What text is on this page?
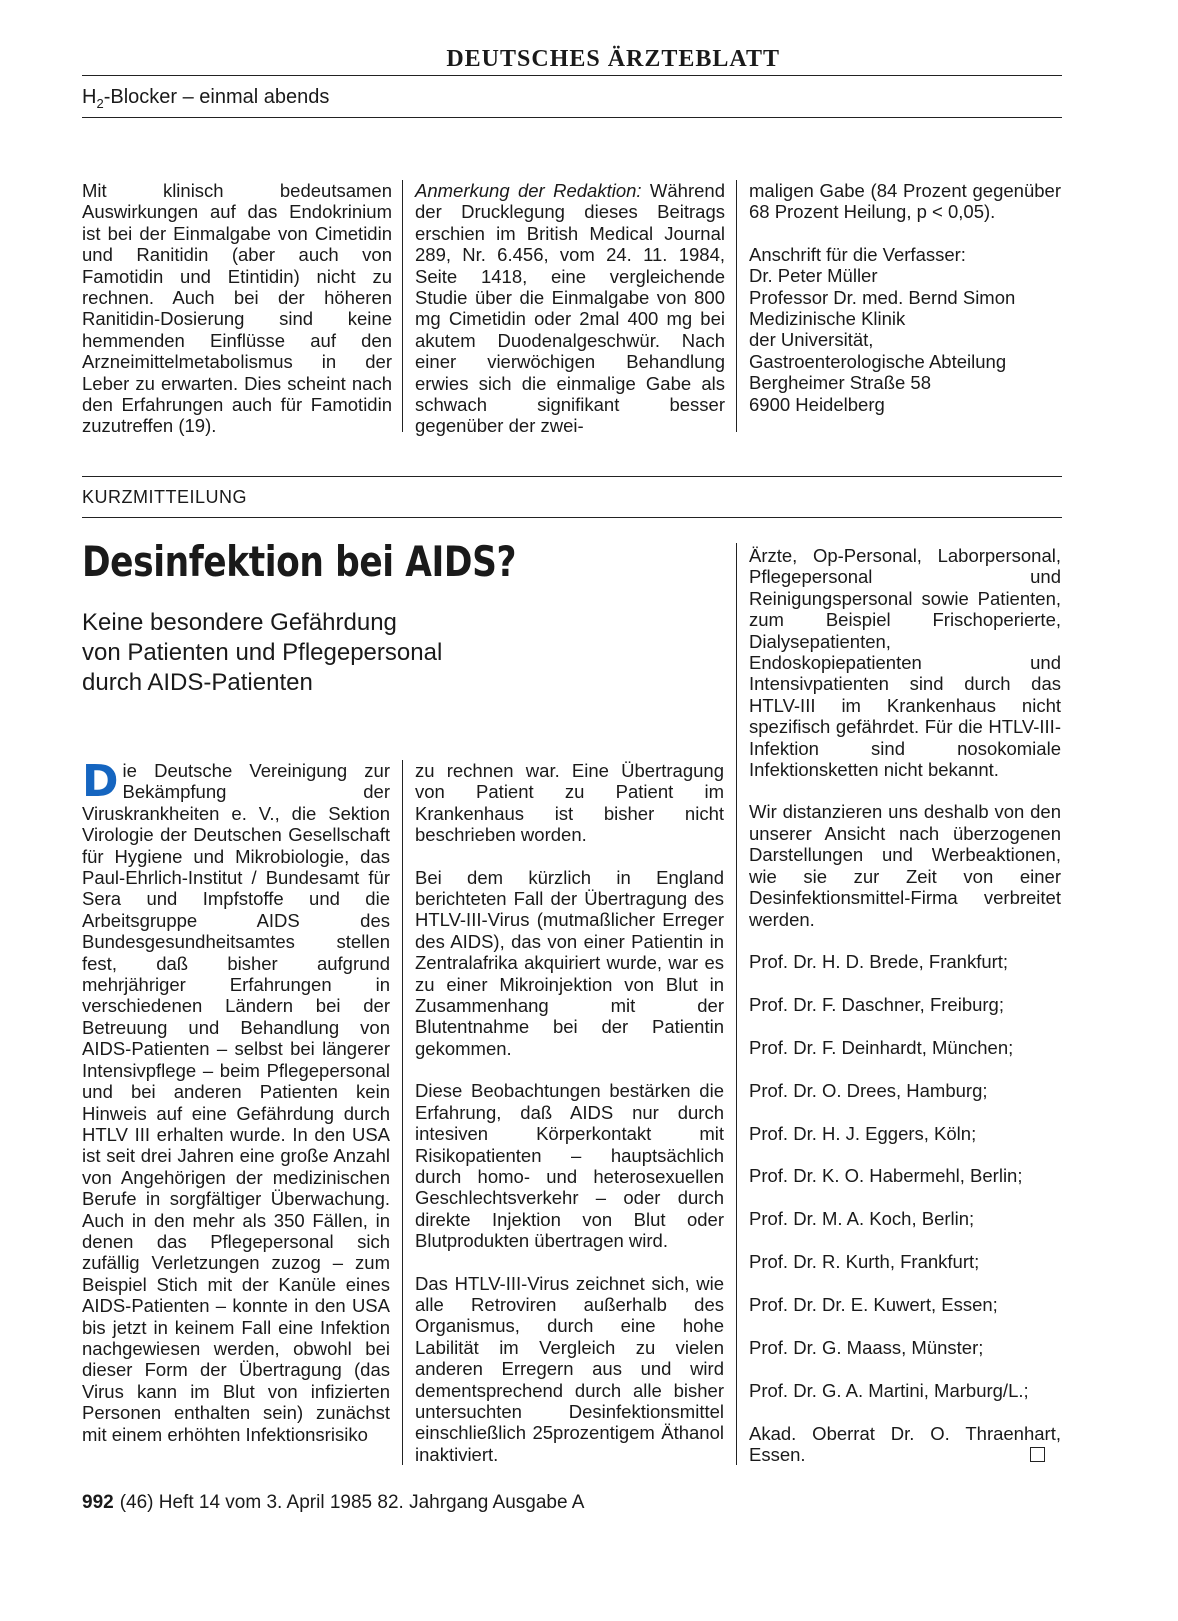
DEUTSCHES ÄRZTEBLATT
$H_2$-Blocker – einmal abends
Mit klinisch bedeutsamen Auswirkungen auf das Endokrinium ist bei der Einmalgabe von Cimetidin und Ranitidin (aber auch von Famotidin und Etintidin) nicht zu rechnen. Auch bei der höheren Ranitidin-Dosierung sind keine hemmenden Einflüsse auf den Arzneimittelmetabolismus in der Leber zu erwarten. Dies scheint nach den Erfahrungen auch für Famotidin zuzutreffen (19).
Anmerkung der Redaktion: Während der Drucklegung dieses Beitrags erschien im British Medical Journal 289, Nr. 6.456, vom 24. 11. 1984, Seite 1418, eine vergleichende Studie über die Einmalgabe von 800 mg Cimetidin oder 2mal 400 mg bei akutem Duodenalgeschwür. Nach einer vierwöchigen Behandlung erwies sich die einmalige Gabe als schwach signifikant besser gegenüber der zwei-

maligen Gabe (84 Prozent gegenüber 68 Prozent Heilung, p < 0,05).

Anschrift für die Verfasser:
Dr. Peter Müller
Professor Dr. med. Bernd Simon
Medizinische Klinik
der Universität,
Gastroenterologische Abteilung
Bergheimer Straße 58
6900 Heidelberg
KURZMITTEILUNG
Desinfektion bei AIDS?
Keine besondere Gefährdung
von Patienten und Pflegepersonal
durch AIDS-Patienten
Die Deutsche Vereinigung zur Bekämpfung der Viruskrankheiten e. V., die Sektion Virologie der Deutschen Gesellschaft für Hygiene und Mikrobiologie, das Paul-Ehrlich-Institut / Bundesamt für Sera und Impfstoffe und die Arbeitsgruppe AIDS des Bundesgesundheitsamtes stellen fest, daß bisher aufgrund mehrjähriger Erfahrungen in verschiedenen Ländern bei der Betreuung und Behandlung von AIDS-Patienten – selbst bei längerer Intensivpflege – beim Pflegepersonal und bei anderen Patienten kein Hinweis auf eine Gefährdung durch HTLV III erhalten wurde. In den USA ist seit drei Jahren eine große Anzahl von Angehörigen der medizinischen Berufe in sorgfältiger Überwachung. Auch in den mehr als 350 Fällen, in denen das Pflegepersonal sich zufällig Verletzungen zuzog – zum Beispiel Stich mit der Kanüle eines AIDS-Patienten – konnte in den USA bis jetzt in keinem Fall eine Infektion nachgewiesen werden, obwohl bei dieser Form der Übertragung (das Virus kann im Blut von infizierten Personen enthalten sein) zunächst mit einem erhöhten Infektionsrisiko

zu rechnen war. Eine Übertragung von Patient zu Patient im Krankenhaus ist bisher nicht beschrieben worden.

Bei dem kürzlich in England berichteten Fall der Übertragung des HTLV-III-Virus (mutmaßlicher Erreger des AIDS), das von einer Patientin in Zentralafrika akquiriert wurde, war es zu einer Mikroinjektion von Blut in Zusammenhang mit der Blutentnahme bei der Patientin gekommen.

Diese Beobachtungen bestärken die Erfahrung, daß AIDS nur durch intesiven Körperkontakt mit Risikopatienten – hauptsächlich durch homo- und heterosexuellen Geschlechtsverkehr – oder durch direkte Injektion von Blut oder Blutprodukten übertragen wird.

Das HTLV-III-Virus zeichnet sich, wie alle Retroviren außerhalb des Organismus, durch eine hohe Labilität im Vergleich zu vielen anderen Erregern aus und wird dementsprechend durch alle bisher untersuchten Desinfektionsmittel einschließlich 25prozentigem Äthanol inaktiviert.

Ärzte, Op-Personal, Laborpersonal, Pflegepersonal und Reinigungspersonal sowie Patienten, zum Beispiel Frischoperierte, Dialysepatienten, Endoskopiepatienten und Intensivpatienten sind durch das HTLV-III im Krankenhaus nicht spezifisch gefährdet. Für die HTLV-III-Infektion sind nosokomiale Infektionsketten nicht bekannt.

Wir distanzieren uns deshalb von den unserer Ansicht nach überzogenen Darstellungen und Werbeaktionen, wie sie zur Zeit von einer Desinfektionsmittel-Firma verbreitet werden.

Prof. Dr. H. D. Brede, Frankfurt;
Prof. Dr. F. Daschner, Freiburg;
Prof. Dr. F. Deinhardt, München;
Prof. Dr. O. Drees, Hamburg;
Prof. Dr. H. J. Eggers, Köln;
Prof. Dr. K. O. Habermehl, Berlin;
Prof. Dr. M. A. Koch, Berlin;
Prof. Dr. R. Kurth, Frankfurt;
Prof. Dr. Dr. E. Kuwert, Essen;
Prof. Dr. G. Maass, Münster;
Prof. Dr. G. A. Martini, Marburg/L.;
Akad. Oberrat Dr. O. Thraenhart, Essen.
992 (46) Heft 14 vom 3. April 1985 82. Jahrgang Ausgabe A
